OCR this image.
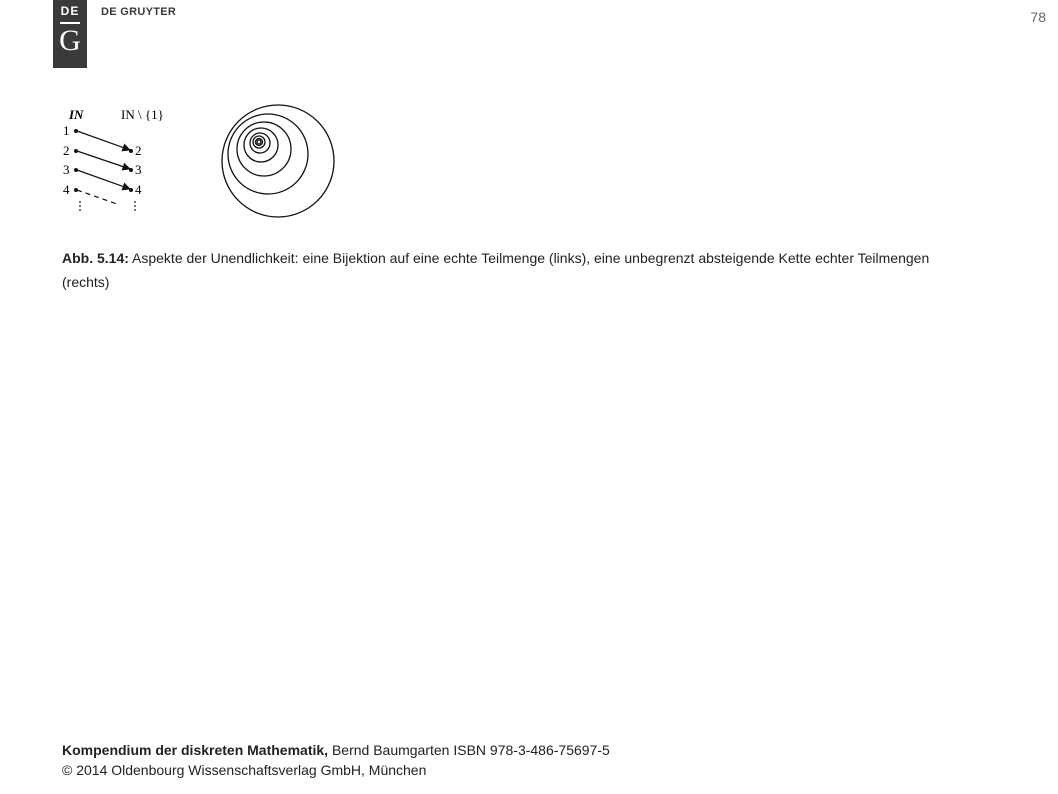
DE
G
DE GRUYTER	78
IN	IN \ {1}
1
2
3
4
2
3
4
Abb. 5.14: Aspekte der Unendlichkeit: eine Bijektion auf eine echte Teilmenge (links), eine unbegrenzt absteigende Kette echter Teilmengen (rechts)
Kompendium der diskreten Mathematik, Bernd Baumgarten ISBN 978-3-486-75697-5
© 2014 Oldenbourg Wissenschaftsverlag GmbH, München
